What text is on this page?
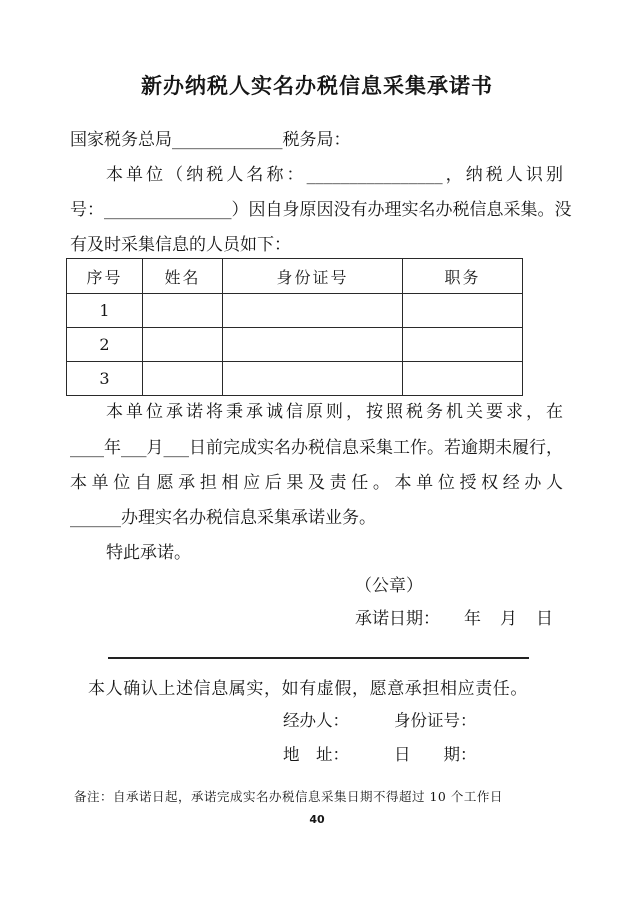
新办纳税人实名办税信息采集承诺书
国家税务总局_____________税务局：
本单位（纳税人名称：________________，纳税人识别
号：_______________）因自身原因没有办理实名办税信息采集。没
有及时采集信息的人员如下：
序号	姓名	身份证号	职务
1			
2			
3			
本单位承诺将秉承诚信原则，按照税务机关要求，在
____年___月___日前完成实名办税信息采集工作。若逾期未履行，
本单位自愿承担相应后果及责任。本单位授权经办人
______办理实名办税信息采集承诺业务。
特此承诺。
（公章）
承诺日期： 年 月 日
本人确认上述信息属实，如有虚假，愿意承担相应责任。
经办人：	身份证号：
地　址：	日　　期：
备注：自承诺日起，承诺完成实名办税信息采集日期不得超过 10 个工作日
40
